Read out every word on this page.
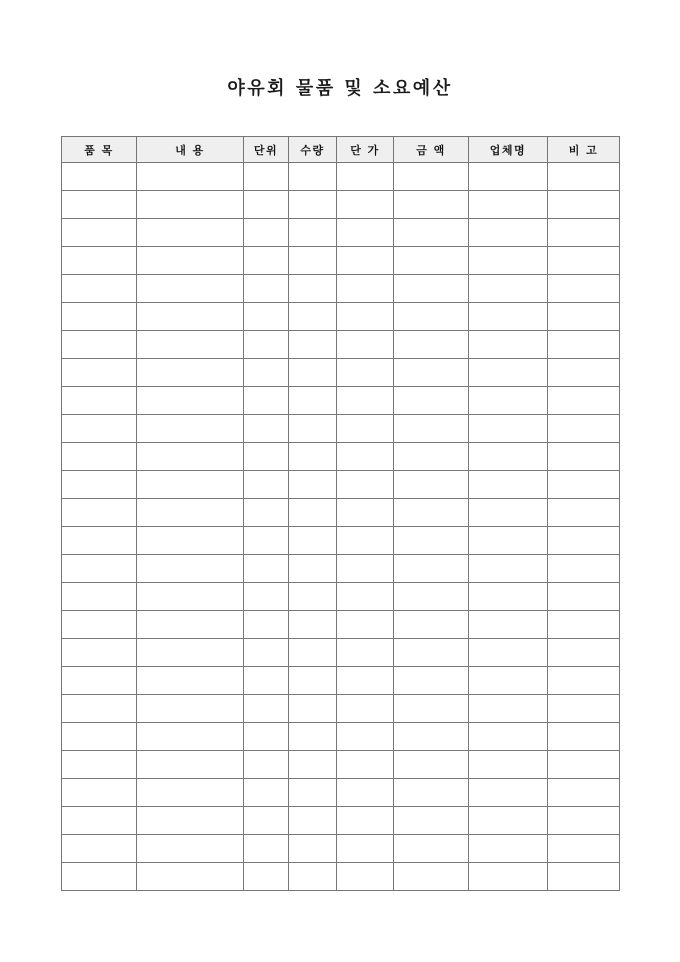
야유회 물품 및 소요예산
품 목	내 용	단위	수량	단 가	금 액	업체명	비 고
